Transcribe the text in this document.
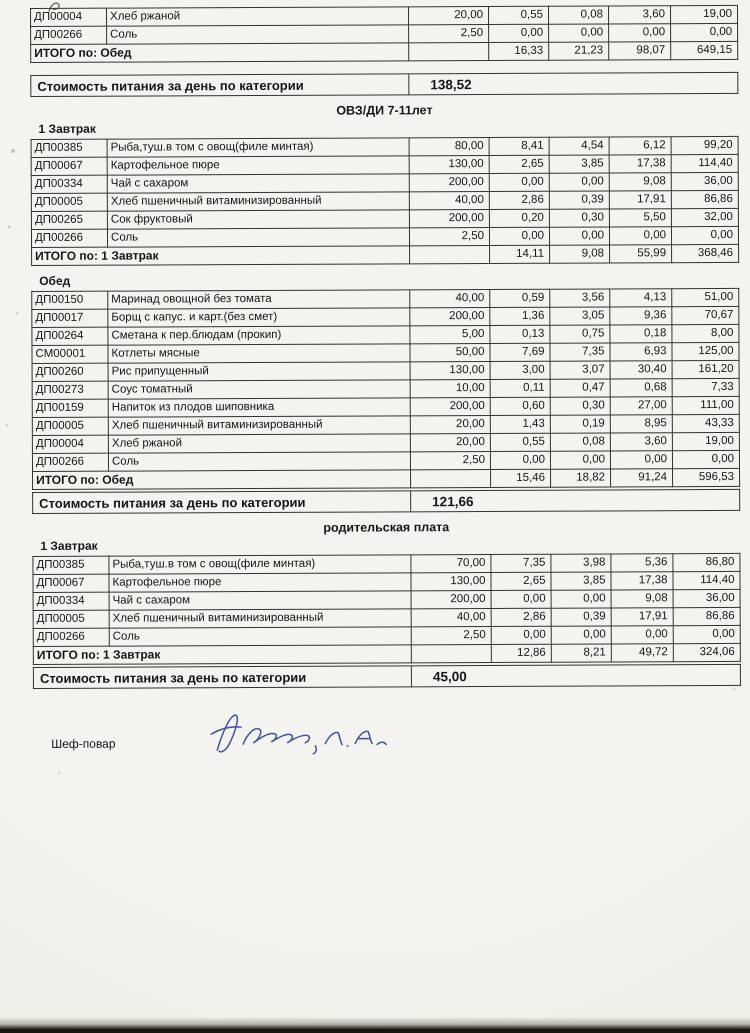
ДП00004	Хлеб ржаной	20,00	0,55	0,08	3,60	19,00
ДП00266	Соль	2,50	0,00	0,00	0,00	0,00
ИТОГО по: Обед			16,33	21,23	98,07	649,15
Стоимость питания за день по категории	138,52
ОВЗ/ДИ 7-11лет
1 Завтрак
ДП00385	Рыба,туш.в том с овощ(филе минтая)	80,00	8,41	4,54	6,12	99,20
ДП00067	Картофельное пюре	130,00	2,65	3,85	17,38	114,40
ДП00334	Чай с сахаром	200,00	0,00	0,00	9,08	36,00
ДП00005	Хлеб пшеничный витаминизированный	40,00	2,86	0,39	17,91	86,86
ДП00265	Сок фруктовый	200,00	0,20	0,30	5,50	32,00
ДП00266	Соль	2,50	0,00	0,00	0,00	0,00
ИТОГО по: 1 Завтрак			14,11	9,08	55,99	368,46
Обед
ДП00150	Маринад овощной без томата	40,00	0,59	3,56	4,13	51,00
ДП00017	Борщ с капус. и карт.(без смет)	200,00	1,36	3,05	9,36	70,67
ДП00264	Сметана к пер.блюдам (прокип)	5,00	0,13	0,75	0,18	8,00
СМ00001	Котлеты мясные	50,00	7,69	7,35	6,93	125,00
ДП00260	Рис припущенный	130,00	3,00	3,07	30,40	161,20
ДП00273	Соус томатный	10,00	0,11	0,47	0,68	7,33
ДП00159	Напиток из плодов шиповника	200,00	0,60	0,30	27,00	111,00
ДП00005	Хлеб пшеничный витаминизированный	20,00	1,43	0,19	8,95	43,33
ДП00004	Хлеб ржаной	20,00	0,55	0,08	3,60	19,00
ДП00266	Соль	2,50	0,00	0,00	0,00	0,00
ИТОГО по: Обед			15,46	18,82	91,24	596,53
Стоимость питания за день по категории	121,66
родительская плата
1 Завтрак
ДП00385	Рыба,туш.в том с овощ(филе минтая)	70,00	7,35	3,98	5,36	86,80
ДП00067	Картофельное пюре	130,00	2,65	3,85	17,38	114,40
ДП00334	Чай с сахаром	200,00	0,00	0,00	9,08	36,00
ДП00005	Хлеб пшеничный витаминизированный	40,00	2,86	0,39	17,91	86,86
ДП00266	Соль	2,50	0,00	0,00	0,00	0,00
ИТОГО по: 1 Завтрак			12,86	8,21	49,72	324,06
Стоимость питания за день по категории	45,00
Шеф-повар
